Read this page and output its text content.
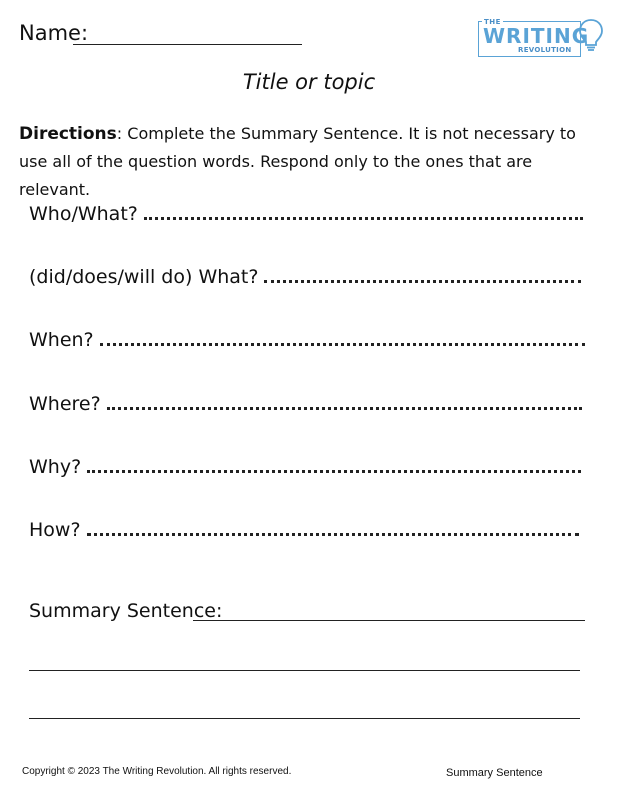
Name:	THE
WRITING
REVOLUTION
Title or topic
Directions: Complete the Summary Sentence. It is not necessary to use all of the question words. Respond only to the ones that are relevant.
Who/What?
(did/does/will do) What?
When?
Where?
Why?
How?
Summary Sentence:
Copyright © 2023 The Writing Revolution. All rights reserved.	Summary Sentence
